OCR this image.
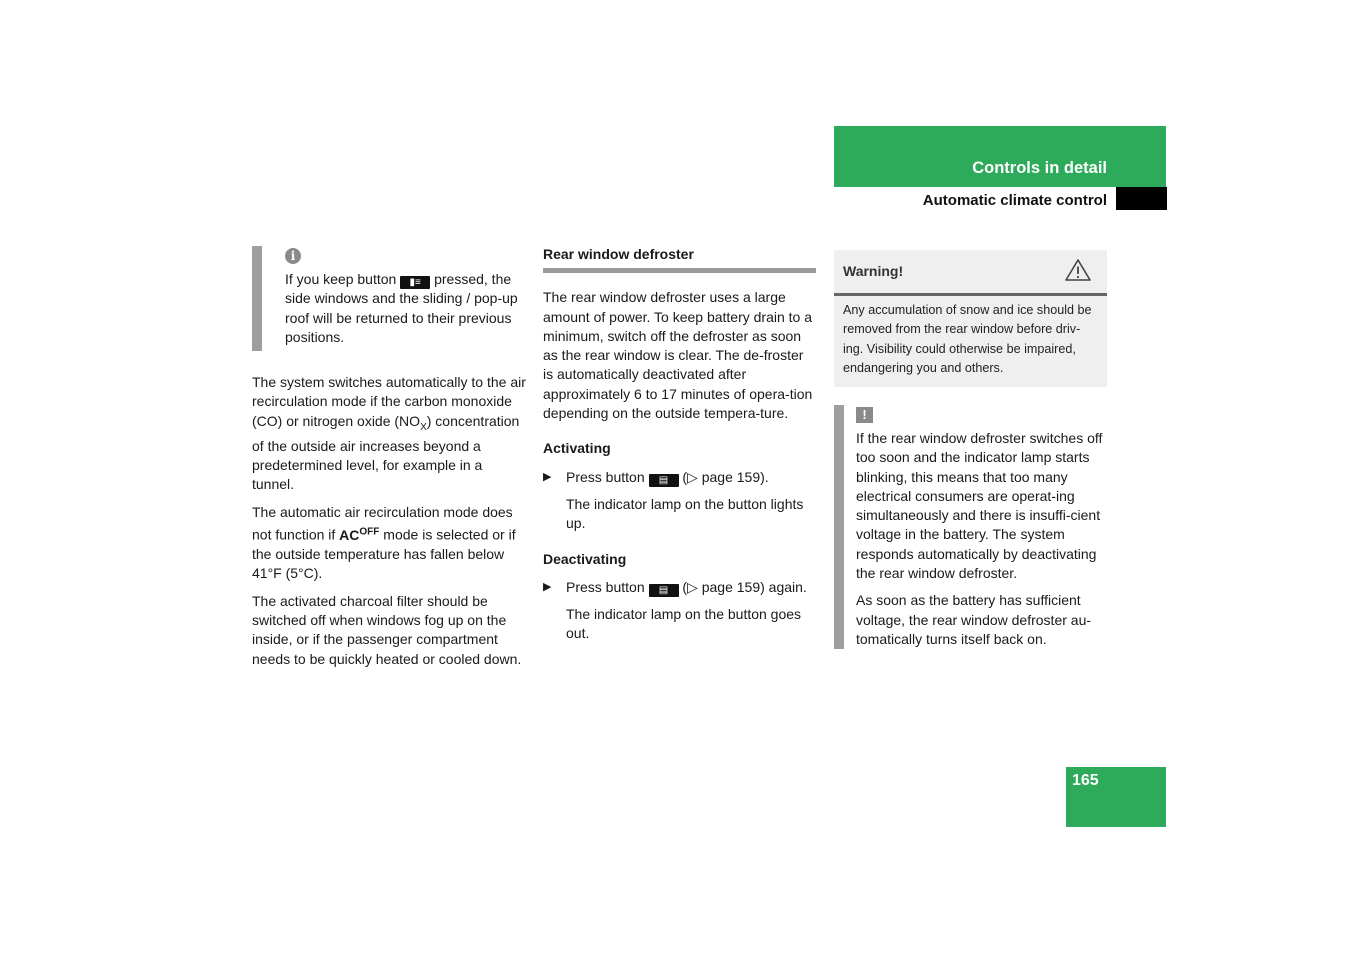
Controls in detail
Automatic climate control
i

If you keep button ▮≡ pressed, the side windows and the sliding / pop-up roof will be returned to their previous positions.

The system switches automatically to the air recirculation mode if the carbon monoxide (CO) or nitrogen oxide $(NO_X)$ concentration of the outside air increases beyond a predetermined level, for example in a tunnel.

The automatic air recirculation mode does not function if $AC^{OFF}$ mode is selected or if the outside temperature has fallen below 41°F (5°C).

The activated charcoal filter should be switched off when windows fog up on the inside, or if the passenger compartment needs to be quickly heated or cooled down.

Rear window defroster

The rear window defroster uses a large amount of power. To keep battery drain to a minimum, switch off the defroster as soon as the rear window is clear. The de-froster is automatically deactivated after approximately 6 to 17 minutes of opera-tion depending on the outside tempera-ture.

Activating

▶ Press button ▤ (▷ page 159).

The indicator lamp on the button lights up.

Deactivating

▶ Press button ▤ (▷ page 159) again.

The indicator lamp on the button goes out.

Warning!

Any accumulation of snow and ice should be removed from the rear window before driv-ing. Visibility could otherwise be impaired, endangering you and others.

!

If the rear window defroster switches off too soon and the indicator lamp starts blinking, this means that too many electrical consumers are operat-ing simultaneously and there is insuffi-cient voltage in the battery. The system responds automatically by deactivating the rear window defroster.

As soon as the battery has sufficient voltage, the rear window defroster au-tomatically turns itself back on.

165
